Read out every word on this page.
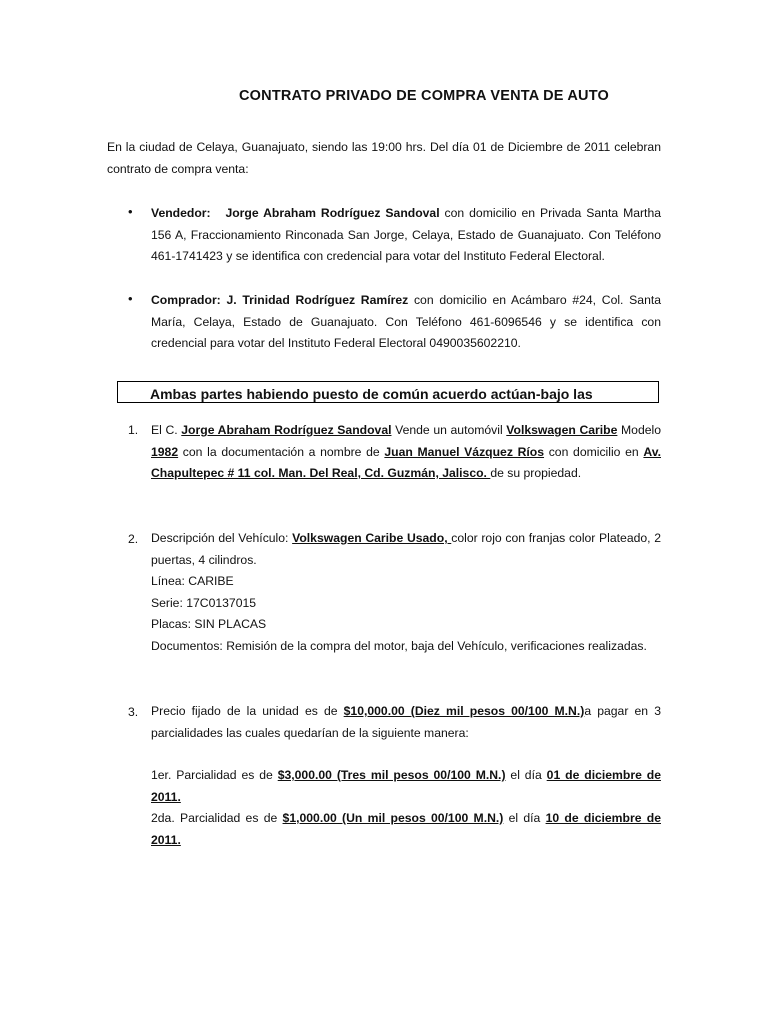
CONTRATO PRIVADO DE COMPRA VENTA DE AUTO
En la ciudad de Celaya, Guanajuato, siendo las 19:00 hrs. Del día 01 de Diciembre de 2011 celebran contrato de compra venta:
• Vendedor: Jorge Abraham Rodríguez Sandoval con domicilio en Privada Santa Martha 156 A, Fraccionamiento Rinconada San Jorge, Celaya, Estado de Guanajuato. Con Teléfono 461-1741423 y se identifica con credencial para votar del Instituto Federal Electoral.
• Comprador: J. Trinidad Rodríguez Ramírez con domicilio en Acámbaro #24, Col. Santa María, Celaya, Estado de Guanajuato. Con Teléfono 461-6096546 y se identifica con credencial para votar del Instituto Federal Electoral 0490035602210.
Ambas partes habiendo puesto de común acuerdo actúan-bajo las
1. El C. Jorge Abraham Rodríguez Sandoval Vende un automóvil Volkswagen Caribe Modelo 1982 con la documentación a nombre de Juan Manuel Vázquez Ríos con domicilio en Av. Chapultepec # 11 col. Man. Del Real, Cd. Guzmán, Jalisco. de su propiedad.
2. Descripción del Vehículo: Volkswagen Caribe Usado, color rojo con franjas color Plateado, 2 puertas, 4 cilindros.
Línea: CARIBE
Serie: 17C0137015
Placas: SIN PLACAS
Documentos: Remisión de la compra del motor, baja del Vehículo, verificaciones realizadas.
3. Precio fijado de la unidad es de $10,000.00 (Diez mil pesos 00/100 M.N.)a pagar en 3 parcialidades las cuales quedarían de la siguiente manera:
1er. Parcialidad es de $3,000.00 (Tres mil pesos 00/100 M.N.) el día 01 de diciembre de 2011.
2da. Parcialidad es de $1,000.00 (Un mil pesos 00/100 M.N.) el día 10 de diciembre de 2011.
